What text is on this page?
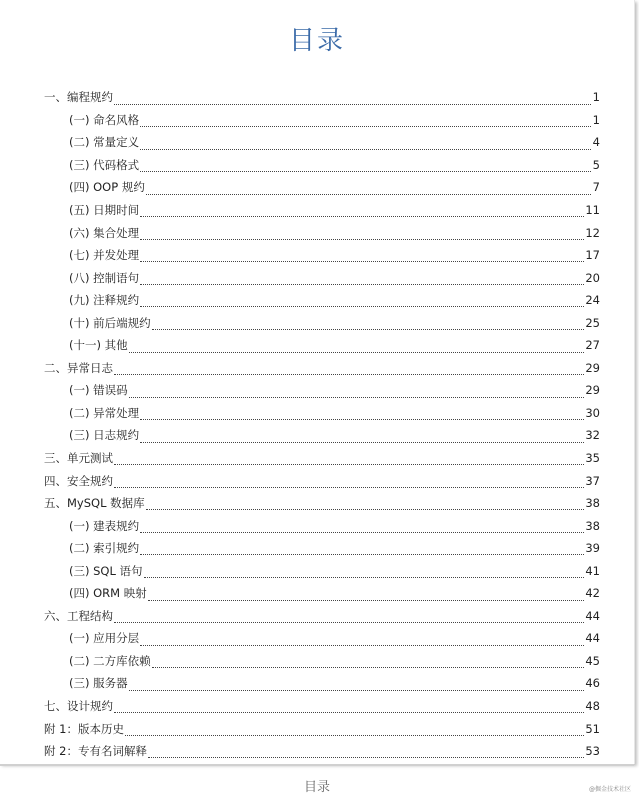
目录
一、编程规约	1
(一) 命名风格	1
(二) 常量定义	4
(三) 代码格式	5
(四) OOP 规约	7
(五) 日期时间	11
(六) 集合处理	12
(七) 并发处理	17
(八) 控制语句	20
(九) 注释规约	24
(十) 前后端规约	25
(十一) 其他	27
二、异常日志	29
(一) 错误码	29
(二) 异常处理	30
(三) 日志规约	32
三、单元测试	35
四、安全规约	37
五、MySQL 数据库	38
(一) 建表规约	38
(二) 索引规约	39
(三) SQL 语句	41
(四) ORM 映射	42
六、工程结构	44
(一) 应用分层	44
(二) 二方库依赖	45
(三) 服务器	46
七、设计规约	48
附 1：版本历史	51
附 2：专有名词解释	53
目录	@掘金技术社区
